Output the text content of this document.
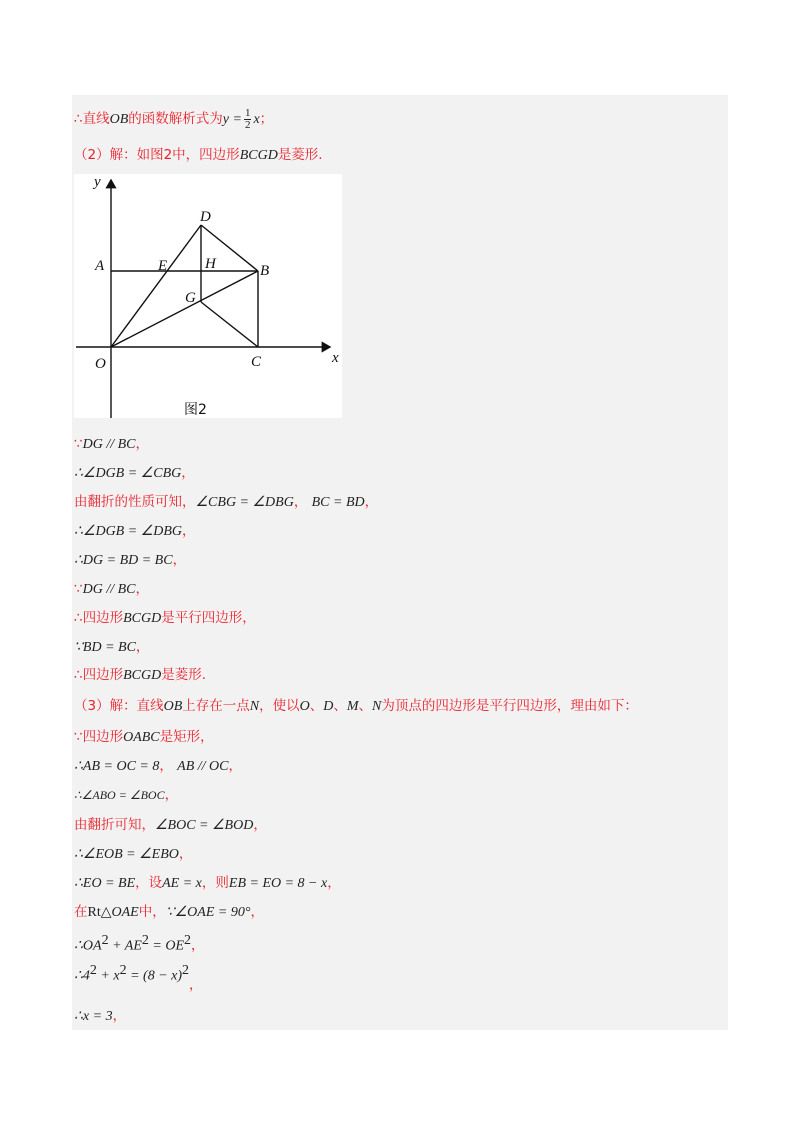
∴直线OB的函数解析式为$y = \frac{1}{2}$ x；
（2）解：如图2中，四边形BCGD是菱形.
y
x
A	E	H	B
D
G
O	C
图2
∵DG // BC，
∴∠DGB = ∠CBG，
由翻折的性质可知，∠CBG = ∠DBG， BC = BD，
∴∠DGB = ∠DBG，
∴DG = BD = BC，
∵DG // BC，
∴四边形BCGD是平行四边形，
∵BD = BC，
∴四边形BCGD是菱形.
（3）解：直线OB上存在一点N，使以O、D、M、N为顶点的四边形是平行四边形，理由如下：
∵四边形OABC是矩形，
∴AB = OC = 8， AB // OC，
∴∠ABO = ∠BOC，
由翻折可知，∠BOC = ∠BOD，
∴∠EOB = ∠EBO，
∴EO = BE，设AE = x，则EB = EO = 8 − x，
在Rt△OAE中，∵∠OAE = 90°，
$\therefore OA^2 + AE^2 = OE^2$，
$\therefore 4^2 + x^2 = (8 - x)^2$，
∴x = 3，
